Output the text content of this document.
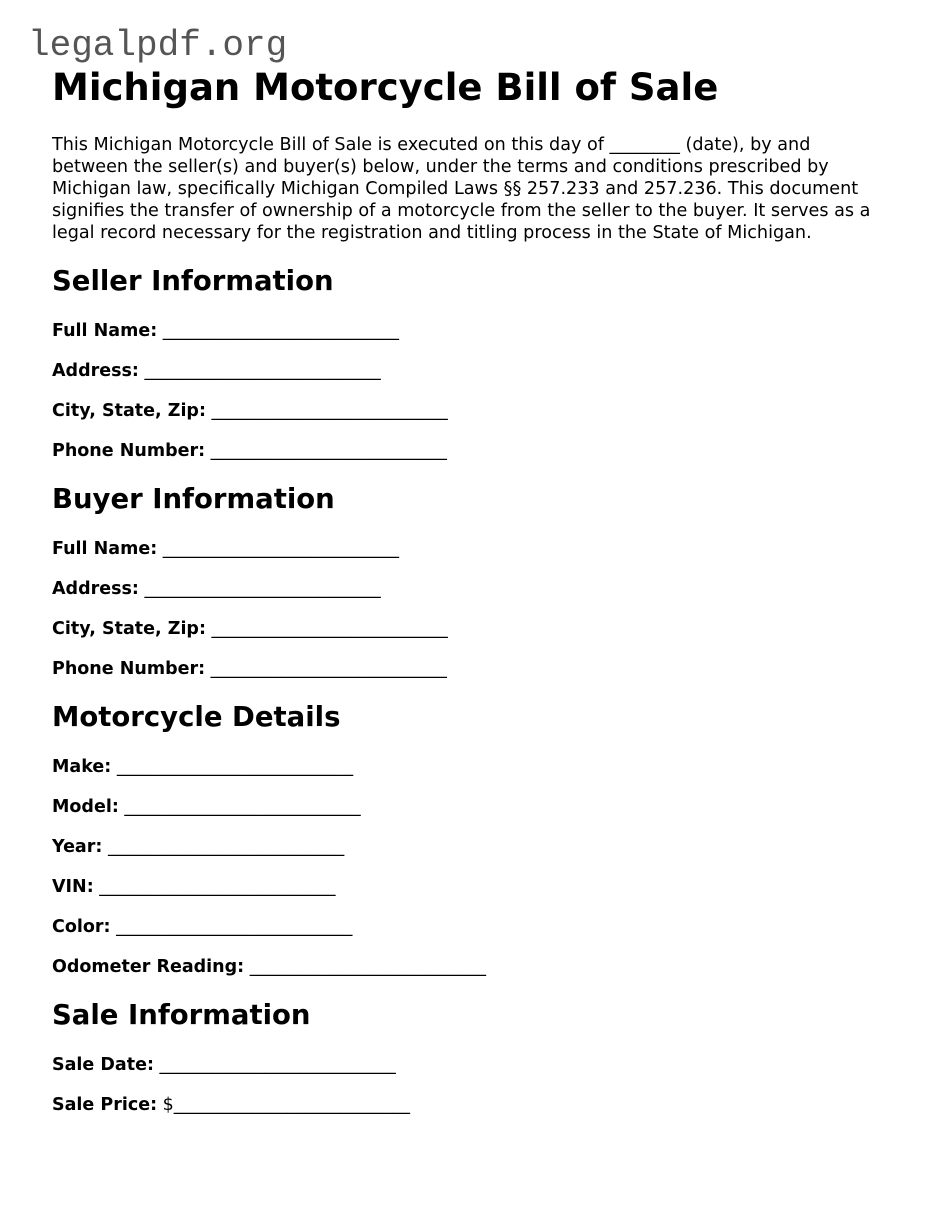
legalpdf.org
Michigan Motorcycle Bill of Sale

This Michigan Motorcycle Bill of Sale is executed on this day of ________ (date), by and between the seller(s) and buyer(s) below, under the terms and conditions prescribed by Michigan law, specifically Michigan Compiled Laws §§ 257.233 and 257.236. This document signifies the transfer of ownership of a motorcycle from the seller to the buyer. It serves as a legal record necessary for the registration and titling process in the State of Michigan.

Seller Information
Full Name: ___________________________
Address: ___________________________
City, State, Zip: ___________________________
Phone Number: ___________________________
Buyer Information
Full Name: ___________________________
Address: ___________________________
City, State, Zip: ___________________________
Phone Number: ___________________________
Motorcycle Details
Make: ___________________________
Model: ___________________________
Year: ___________________________
VIN: ___________________________
Color: ___________________________
Odometer Reading: ___________________________
Sale Information
Sale Date: ___________________________
Sale Price: $___________________________
